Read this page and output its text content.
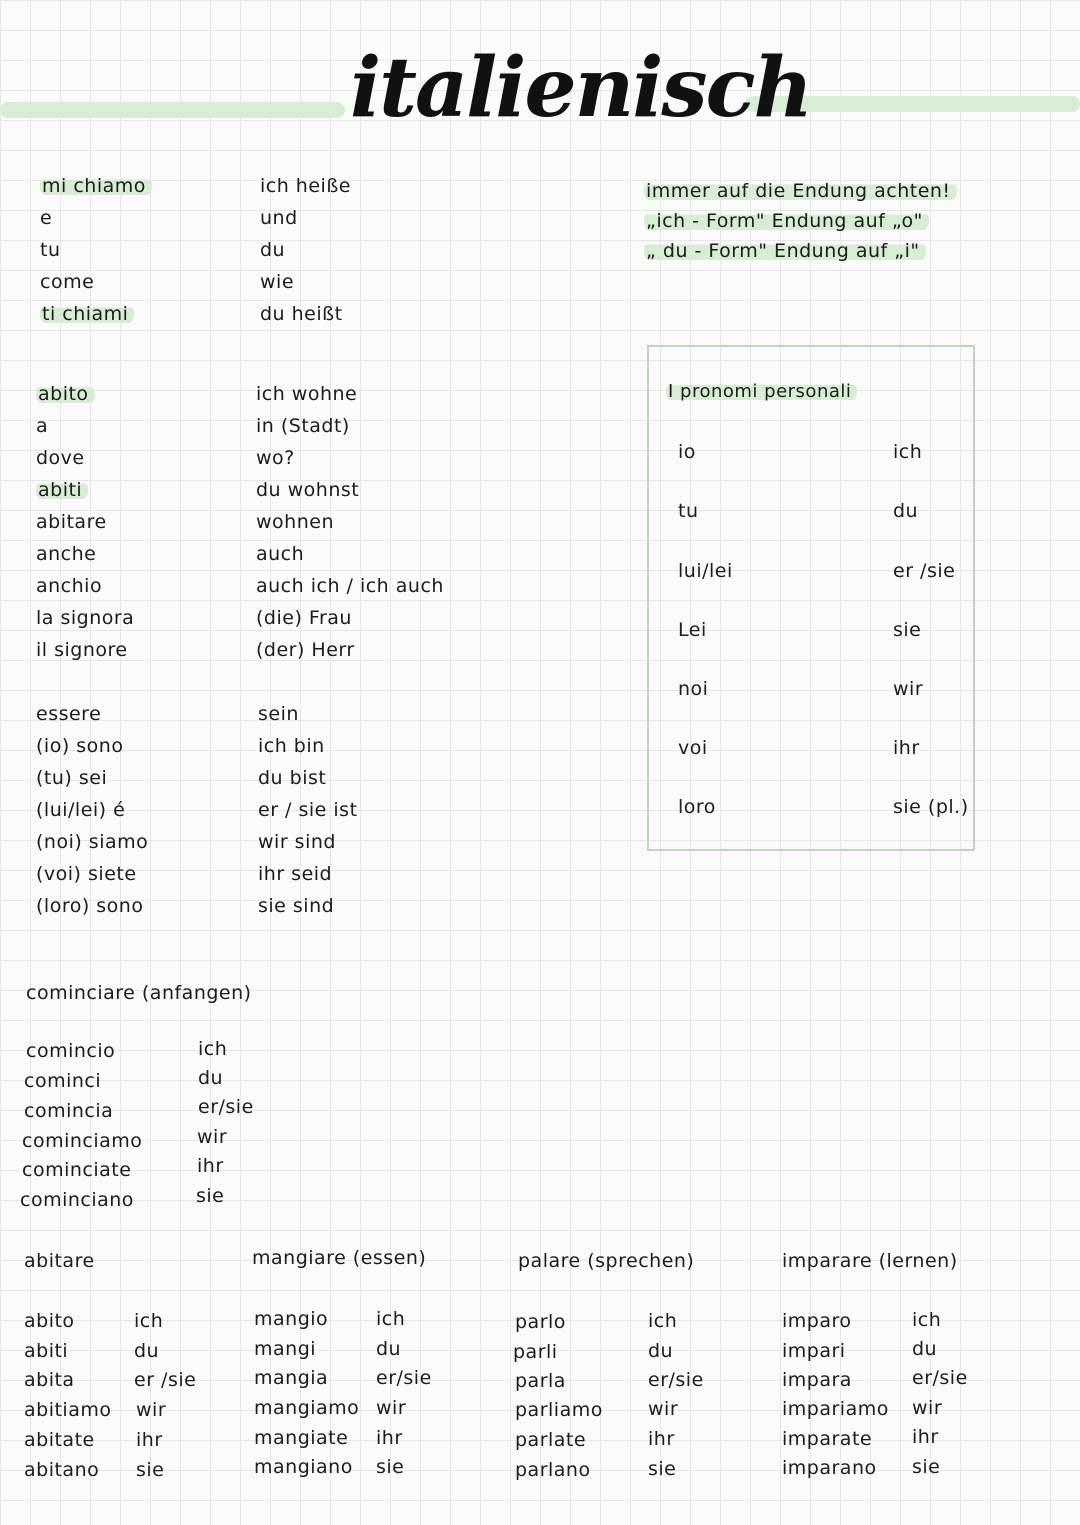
italienisch
mi chiamo	ich heiße
e	und
tu	du
come	wie
ti chiami	du heißt
abito	ich wohne
a	in (Stadt)
dove	wo?
abiti	du wohnst
abitare	wohnen
anche	auch
anchio	auch ich / ich auch
la signora	(die) Frau
il signore	(der) Herr
essere	sein
(io) sono	ich bin
(tu) sei	du bist
(lui/lei) é	er / sie ist
(noi) siamo	wir sind
(voi) siete	ihr seid
(loro) sono	sie sind
immer auf die Endung achten!
„ich - Form" Endung auf „o"
„ du - Form" Endung auf „i"
I pronomi personali
io	ich
tu	du
lui/lei	er /sie
Lei	sie
noi	wir
voi	ihr
loro	sie (pl.)
cominciare (anfangen)
comincio	ich
cominci	du
comincia	er/sie
cominciamo	wir
cominciate	ihr
cominciano	sie
abitare
abito	ich
abiti	du
abita	er /sie
abitiamo wir
abitate ihr
abitano sie
mangiare (essen)
mangio	ich
mangi	du
mangia	er/sie
mangiamo wir
mangiate ihr
mangiano sie
palare (sprechen)
parlo	ich
parli	du
parla	er/sie
parliamo wir
parlate	ihr
parlano	sie
imparare (lernen)
imparo	ich
impari	du
impara	er/sie
impariamo wir
imparate ihr
imparano sie
